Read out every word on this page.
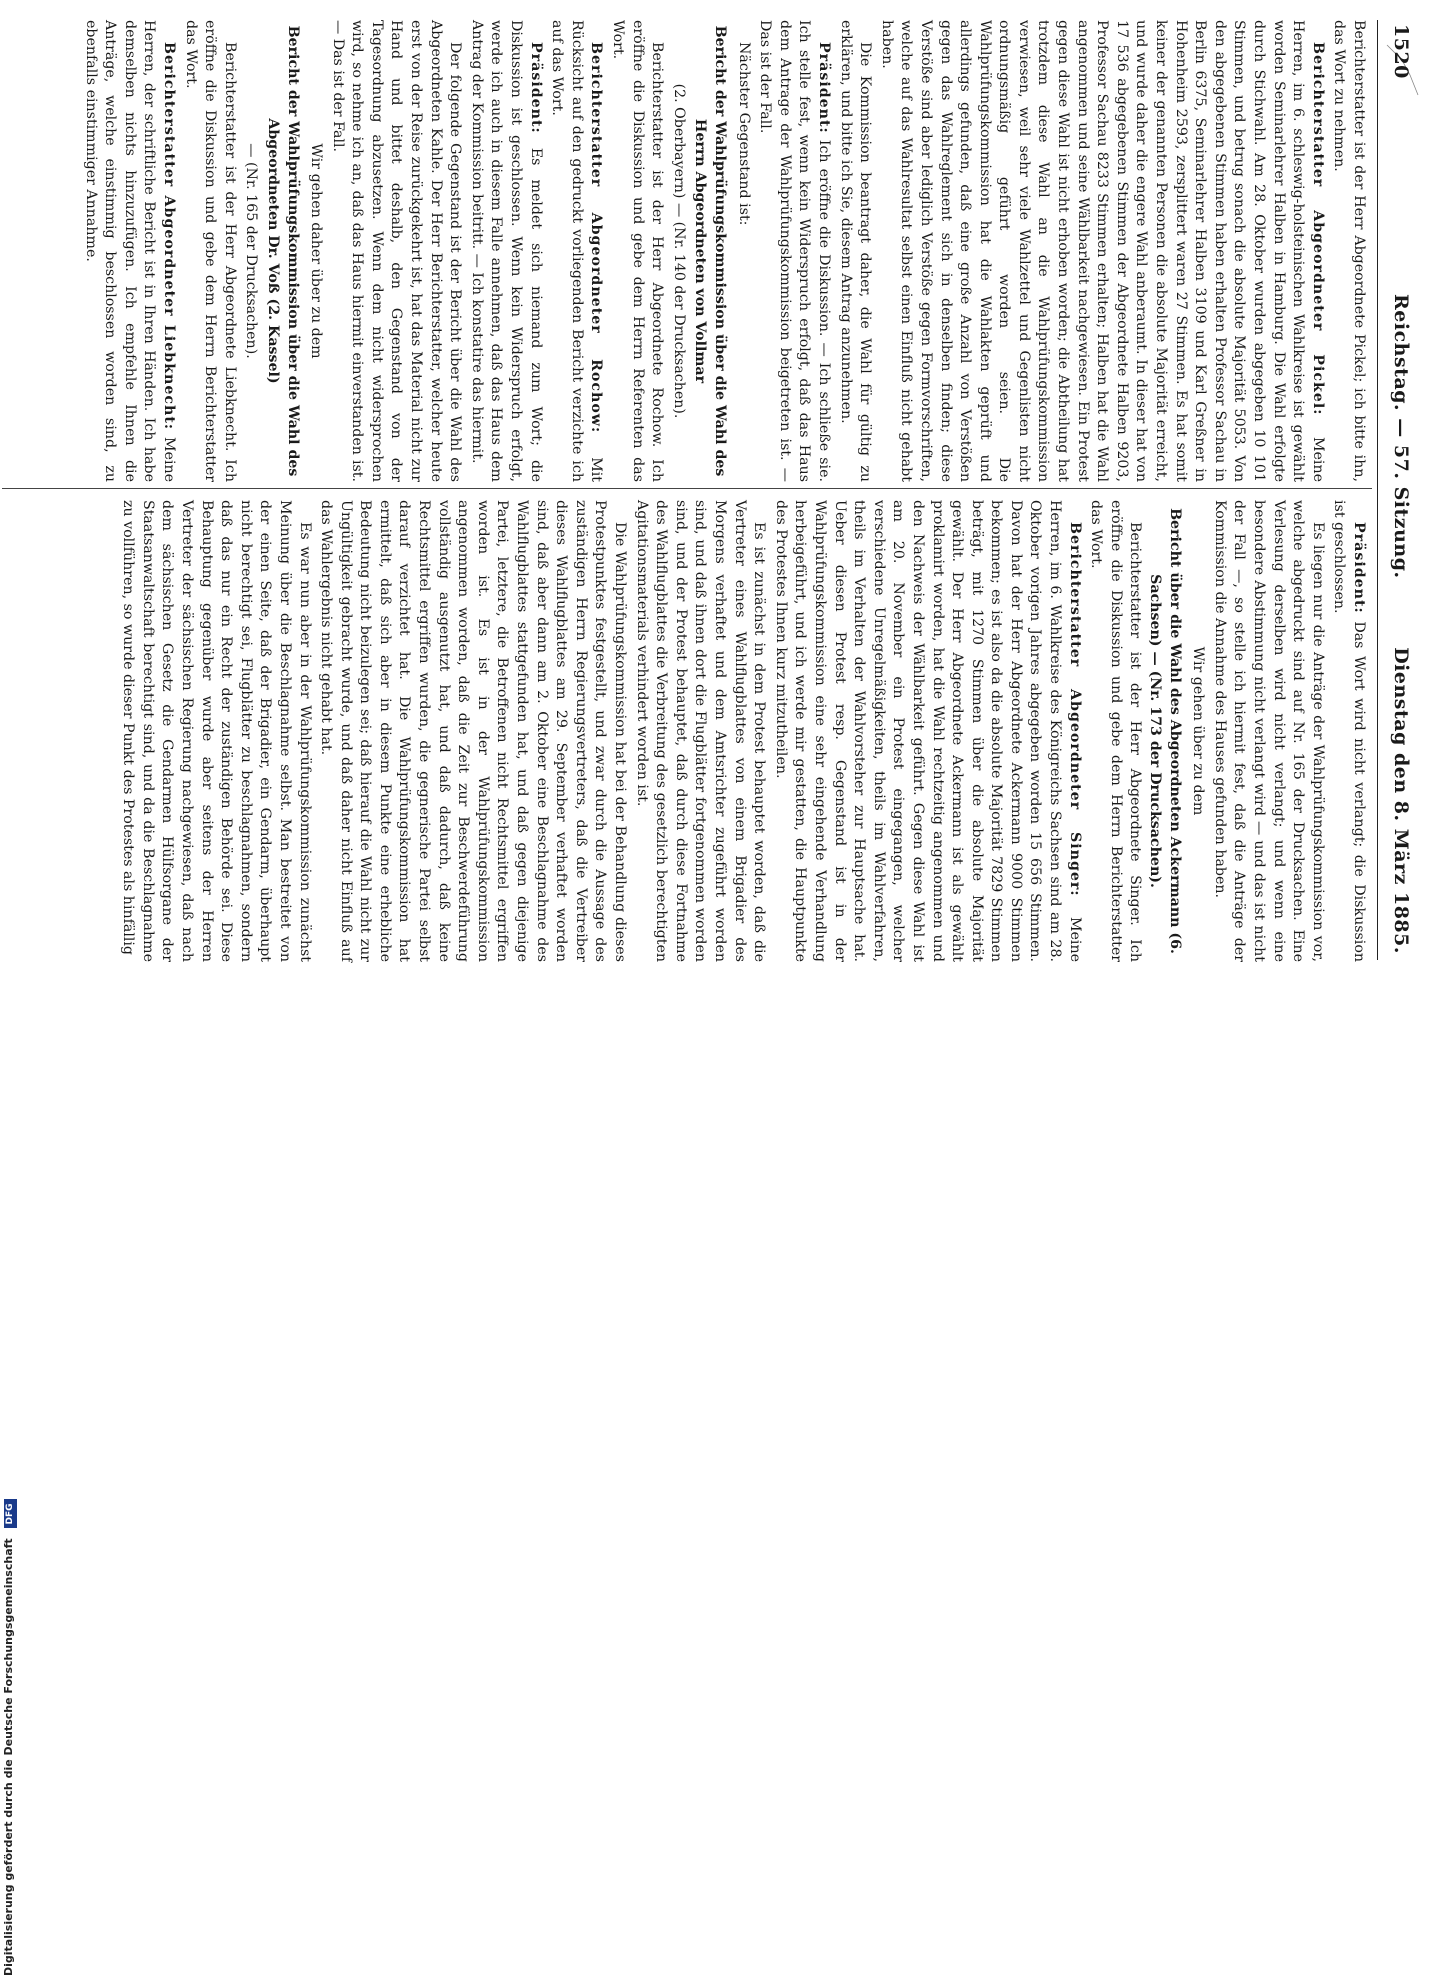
1520
Reichstag. — 57. Sitzung.
Dienstag den 8. März 1885.

Berichterstatter ist der Herr Abgeordnete Pickel; ich bitte ihn, das Wort zu nehmen.

Berichterstatter Abgeordneter Pickel: Meine Herren, im 6. schleswig-holsteinischen Wahlkreise ist gewählt worden Seminarlehrer Halben in Hamburg. Die Wahl erfolgte durch Stichwahl. Am 28. Oktober wurden abgegeben 10 101 Stimmen, und betrug sonach die absolute Majorität 5053. Von den abgegebenen Stimmen haben erhalten Professor Sachau in Berlin 6375, Seminarlehrer Halben 3109 und Karl Greßner in Hohenheim 2593, zersplittert waren 27 Stimmen. Es hat somit keiner der genannten Personen die absolute Majorität erreicht, und wurde daher die engere Wahl anberaumt. In dieser hat von 17 536 abgegebenen Stimmen der Abgeordnete Halben 9203, Professor Sachau 8233 Stimmen erhalten; Halben hat die Wahl angenommen und seine Wählbarkeit nachgewiesen. Ein Protest gegen diese Wahl ist nicht erhoben worden; die Abtheilung hat trotzdem diese Wahl an die Wahlprüfungskommission verwiesen, weil sehr viele Wahlzettel und Gegenlisten nicht ordnungsmäßig geführt worden seien. Die Wahlprüfungskommission hat die Wahlakten geprüft und allerdings gefunden, daß eine große Anzahl von Verstößen gegen das Wahlreglement sich in denselben finden; diese Verstöße sind aber lediglich Verstöße gegen Formvorschriften, welche auf das Wahlresultat selbst einen Einfluß nicht gehabt haben.

Die Kommission beantragt daher, die Wahl für gültig zu erklären, und bitte ich Sie, diesem Antrag anzunehmen.

Präsident: Ich eröffne die Diskussion. — Ich schließe sie. Ich stelle fest, wenn kein Widerspruch erfolgt, daß das Haus dem Antrage der Wahlprüfungskommission beigetreten ist. — Das ist der Fall.

Nächster Gegenstand ist:

Bericht der Wahlprüfungskommission über die Wahl des Herrn Abgeordneten von Vollmar

(2. Oberbayern) — (Nr. 140 der Drucksachen).

Berichterstatter ist der Herr Abgeordnete Rochow. Ich eröffne die Diskussion und gebe dem Herrn Referenten das Wort.

Berichterstatter Abgeordneter Rochow: Mit Rücksicht auf den gedruckt vorliegenden Bericht verzichte ich auf das Wort.

Präsident: Es meldet sich niemand zum Wort; die Diskussion ist geschlossen. Wenn kein Widerspruch erfolgt, werde ich auch in diesem Falle annehmen, daß das Haus dem Antrag der Kommission beitritt. — Ich konstatire das hiermit.

Der folgende Gegenstand ist der Bericht über die Wahl des Abgeordneten Kahle. Der Herr Berichterstatter, welcher heute erst von der Reise zurückgekehrt ist, hat das Material nicht zur Hand und bittet deshalb, den Gegenstand von der Tagesordnung abzusetzen. Wenn dem nicht widersprochen wird, so nehme ich an, daß das Haus hiermit einverstanden ist. — Das ist der Fall.

Wir gehen daher über zu dem

Bericht der Wahlprüfungskommission über die Wahl des Abgeordneten Dr. Voß (2. Kassel)

— (Nr. 165 der Drucksachen).

Berichterstatter ist der Herr Abgeordnete Liebknecht. Ich eröffne die Diskussion und gebe dem Herrn Berichterstatter das Wort.

Berichterstatter Abgeordneter Liebknecht: Meine Herren, der schriftliche Bericht ist in Ihren Händen. Ich habe demselben nichts hinzuzufügen. Ich empfehle Ihnen die Anträge, welche einstimmig beschlossen worden sind, zu ebenfalls einstimmiger Annahme.

Präsident: Das Wort wird nicht verlangt; die Diskussion ist geschlossen.

Es liegen nur die Anträge der Wahlprüfungskommission vor, welche abgedruckt sind auf Nr. 165 der Drucksachen. Eine Verlesung derselben wird nicht verlangt; und wenn eine besondere Abstimmung nicht verlangt wird — und das ist nicht der Fall —, so stelle ich hiermit fest, daß die Anträge der Kommission die Annahme des Hauses gefunden haben.

Wir gehen über zu dem

Bericht über die Wahl des Abgeordneten Ackermann (6. Sachsen) — (Nr. 173 der Drucksachen).

Berichterstatter ist der Herr Abgeordnete Singer. Ich eröffne die Diskussion und gebe dem Herrn Berichterstatter das Wort.

Berichterstatter Abgeordneter Singer: Meine Herren, im 6. Wahlkreise des Königreichs Sachsen sind am 28. Oktober vorigen Jahres abgegeben worden 15 656 Stimmen. Davon hat der Herr Abgeordnete Ackermann 9000 Stimmen bekommen; es ist also da die absolute Majorität 7829 Stimmen beträgt, mit 1270 Stimmen über die absolute Majorität gewählt. Der Herr Abgeordnete Ackermann ist als gewählt proklamirt worden, hat die Wahl rechtzeitig angenommen und den Nachweis der Wählbarkeit geführt. Gegen diese Wahl ist am 20. November ein Protest eingegangen, welcher verschiedene Unregelmäßigkeiten, theils im Wahlverfahren, theils im Verhalten der Wahlvorsteher zur Hauptsache hat. Ueber diesen Protest resp. Gegenstand ist in der Wahlprüfungskommission eine sehr eingehende Verhandlung herbeigeführt, und ich werde mir gestatten, die Hauptpunkte des Protestes Ihnen kurz mitzutheilen.

Es ist zunächst in dem Protest behauptet worden, daß die Vertreter eines Wahlflugblattes von einem Brigadier des Morgens verhaftet und dem Amtsrichter zugeführt worden sind, und daß ihnen dort die Flugblätter fortgenommen worden sind, und der Protest behauptet, daß durch diese Fortnahme des Wahlflugblattes die Verbreitung des gesetzlich berechtigten Agitationsmaterials verhindert worden ist.

Die Wahlprüfungskommission hat bei der Behandlung dieses Protestpunktes festgestellt, und zwar durch die Aussage des zuständigen Herrn Regierungsvertreters, daß die Vertreiber dieses Wahlflugblattes am 29. September verhaftet worden sind, daß aber dann am 2. Oktober eine Beschlagnahme des Wahlflugblattes stattgefunden hat, und daß gegen diejenige Partei, letztere, die Betroffenen nicht Rechtsmittel ergriffen worden ist. Es ist in der Wahlprüfungskommission angenommen worden, daß die Zeit zur Beschwerdeführung vollständig ausgenutzt hat, und daß dadurch, daß keine Rechtsmittel ergriffen wurden, die gegnerische Partei selbst darauf verzichtet hat. Die Wahlprüfungskommission hat ermittelt, daß sich aber in diesem Punkte eine erhebliche Bedeutung nicht beizulegen sei; daß hierauf die Wahl nicht zur Ungültigkeit gebracht wurde, und daß daher nicht Einfluß auf das Wahlergebnis nicht gehabt hat.

Es war nun aber in der Wahlprüfungskommission zunächst Meinung über die Beschlagnahme selbst. Man bestreitet von der einen Seite, daß der Brigadier, ein Gendarm, überhaupt nicht berechtigt sei, Flugblätter zu beschlagnahmen, sondern daß das nur ein Recht der zuständigen Behörde sei. Diese Behauptung gegenüber wurde aber seitens der Herren Vertreter der sächsischen Regierung nachgewiesen, daß nach dem sächsischen Gesetz die Gendarmen Hülfsorgane der Staatsanwaltschaft berechtigt sind, und da die Beschlagnahme zu vollführen, so wurde dieser Punkt des Protestes als hinfällig

Digitalisierung gefördert durch die Deutsche Forschungsgemeinschaft DFG
